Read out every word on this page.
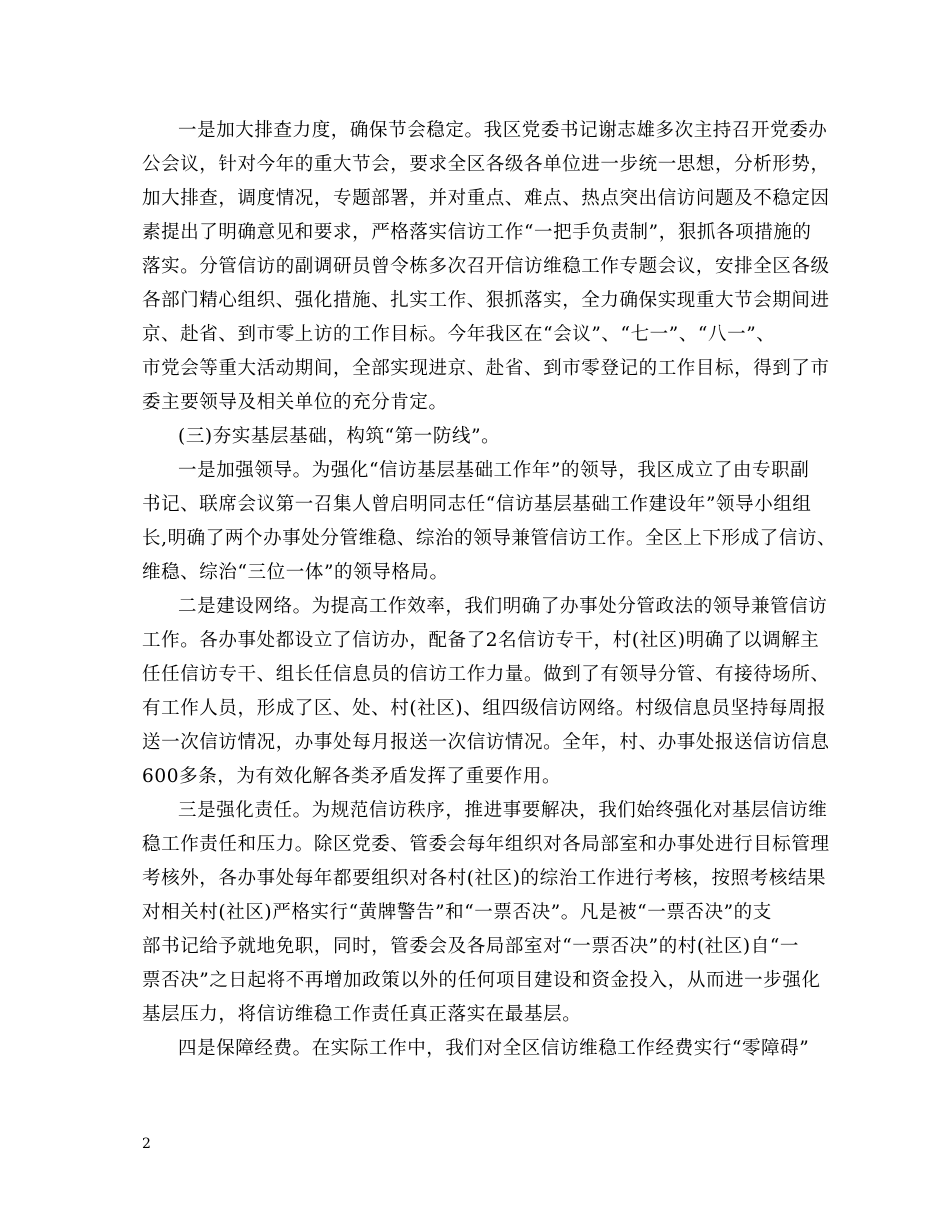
一是加大排查力度，确保节会稳定。我区党委书记谢志雄多次主持召开党委办
公会议，针对今年的重大节会，要求全区各级各单位进一步统一思想，分析形势，
加大排查，调度情况，专题部署，并对重点、难点、热点突出信访问题及不稳定因
素提出了明确意见和要求，严格落实信访工作“一把手负责制”，狠抓各项措施的
落实。分管信访的副调研员曾令栋多次召开信访维稳工作专题会议，安排全区各级
各部门精心组织、强化措施、扎实工作、狠抓落实，全力确保实现重大节会期间进
京、赴省、到市零上访的工作目标。今年我区在“会议”、“七一”、“八一”、
市党会等重大活动期间，全部实现进京、赴省、到市零登记的工作目标，得到了市
委主要领导及相关单位的充分肯定。
(三)夯实基层基础，构筑“第一防线”。
一是加强领导。为强化“信访基层基础工作年”的领导，我区成立了由专职副
书记、联席会议第一召集人曾启明同志任“信访基层基础工作建设年”领导小组组
长,明确了两个办事处分管维稳、综治的领导兼管信访工作。全区上下形成了信访、
维稳、综治“三位一体”的领导格局。
二是建设网络。为提高工作效率，我们明确了办事处分管政法的领导兼管信访
工作。各办事处都设立了信访办，配备了2名信访专干，村(社区)明确了以调解主
任任信访专干、组长任信息员的信访工作力量。做到了有领导分管、有接待场所、
有工作人员，形成了区、处、村(社区)、组四级信访网络。村级信息员坚持每周报
送一次信访情况，办事处每月报送一次信访情况。全年，村、办事处报送信访信息
600多条，为有效化解各类矛盾发挥了重要作用。
三是强化责任。为规范信访秩序，推进事要解决，我们始终强化对基层信访维
稳工作责任和压力。除区党委、管委会每年组织对各局部室和办事处进行目标管理
考核外，各办事处每年都要组织对各村(社区)的综治工作进行考核，按照考核结果
对相关村(社区)严格实行“黄牌警告”和“一票否决”。凡是被“一票否决”的支
部书记给予就地免职，同时，管委会及各局部室对“一票否决”的村(社区)自“一
票否决”之日起将不再增加政策以外的任何项目建设和资金投入，从而进一步强化
基层压力，将信访维稳工作责任真正落实在最基层。
四是保障经费。在实际工作中，我们对全区信访维稳工作经费实行“零障碍”
2
